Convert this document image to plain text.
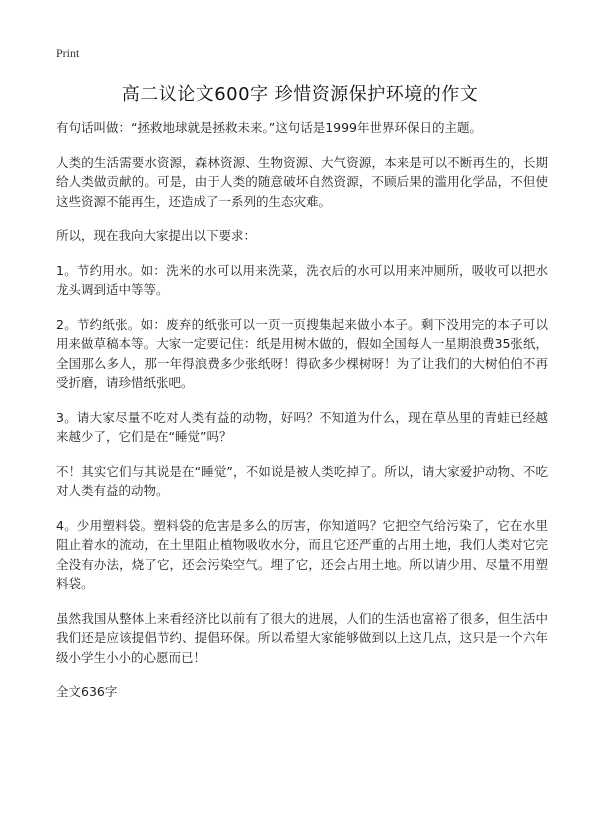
Print
高二议论文600字 珍惜资源保护环境的作文

有句话叫做：“拯救地球就是拯救未来。”这句话是1999年世界环保日的主题。

人类的生活需要水资源，森林资源、生物资源、大气资源，本来是可以不断再生的，长期给人类做贡献的。可是，由于人类的随意破坏自然资源，不顾后果的滥用化学品，不但使这些资源不能再生，还造成了一系列的生态灾难。

所以，现在我向大家提出以下要求：

1。节约用水。如：洗米的水可以用来洗菜，洗衣后的水可以用来冲厕所，吸收可以把水龙头调到适中等等。

2。节约纸张。如：废弃的纸张可以一页一页搜集起来做小本子。剩下没用完的本子可以用来做草稿本等。大家一定要记住：纸是用树木做的，假如全国每人一星期浪费35张纸，全国那么多人，那一年得浪费多少张纸呀！得砍多少棵树呀！为了让我们的大树伯伯不再受折磨，请珍惜纸张吧。

3。请大家尽量不吃对人类有益的动物，好吗？不知道为什么，现在草丛里的青蛙已经越来越少了，它们是在“睡觉”吗？

不！其实它们与其说是在“睡觉”，不如说是被人类吃掉了。所以，请大家爱护动物、不吃对人类有益的动物。

4。少用塑料袋。塑料袋的危害是多么的厉害，你知道吗？它把空气给污染了，它在水里阻止着水的流动，在土里阻止植物吸收水分，而且它还严重的占用土地，我们人类对它完全没有办法，烧了它，还会污染空气。埋了它，还会占用土地。所以请少用、尽量不用塑料袋。

虽然我国从整体上来看经济比以前有了很大的进展，人们的生活也富裕了很多，但生活中我们还是应该提倡节约、提倡环保。所以希望大家能够做到以上这几点，这只是一个六年级小学生小小的心愿而已！

全文636字
